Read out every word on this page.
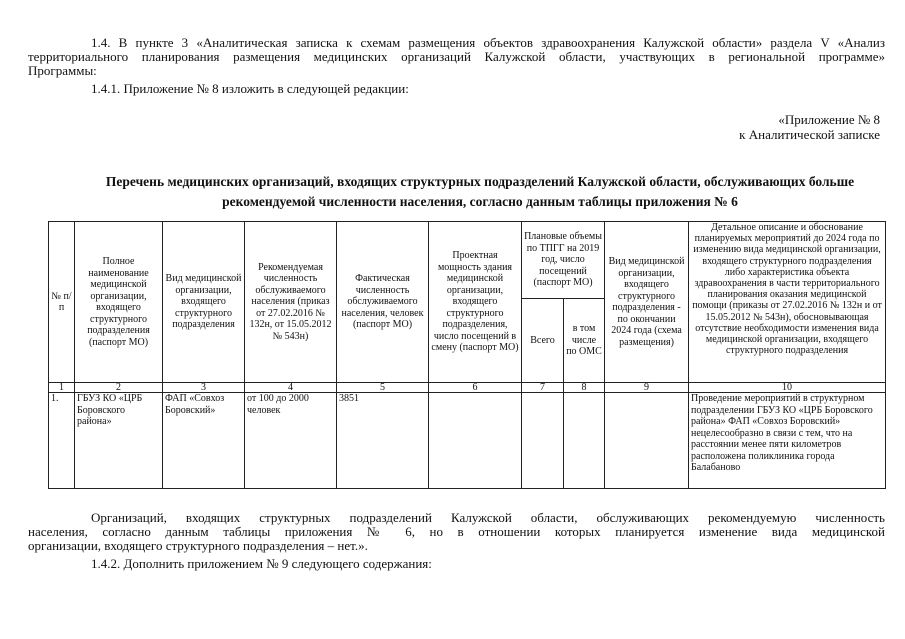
1.4. В пункте 3 «Аналитическая записка к схемам размещения объектов здравоохранения Калужской области» раздела V «Анализ
территориального планирования размещения медицинских организаций Калужской области, участвующих в региональной программе»
Программы:
1.4.1. Приложение № 8 изложить в следующей редакции:
«Приложение № 8
к Аналитической записке
Перечень медицинских организаций, входящих структурных подразделений Калужской области, обслуживающих больше
рекомендуемой численности населения, согласно данным таблицы приложения № 6
№ п/п	Полное наименование медицинской организации, входящего структурного подразделения (паспорт МО)	Вид медицинской организации, входящего структурного подразделения	Рекомендуемая численность обслуживаемого населения (приказ от 27.02.2016 № 132н, от 15.05.2012 № 543н)	Фактическая численность обслуживаемого населения, человек (паспорт МО)	Проектная мощность здания медицинской организации, входящего структурного подразделения, число посещений в смену (паспорт МО)	Плановые объемы по ТПГГ на 2019 год, число посещений (паспорт МО)		Вид медицинской организации, входящего структурного подразделения - по окончании 2024 года (схема размещения)	Детальное описание и обоснование планируемых мероприятий до 2024 года по изменению вида медицинской организации, входящего структурного подразделения либо характеристика объекта здравоохранения в части территориального планирования оказания медицинской помощи (приказы от 27.02.2016 № 132н и от 15.05.2012 № 543н), обосновывающая отсутствие необходимости изменения вида медицинской организации, входящего структурного подразделения
						Всего	в том числе по ОМС		
1	2	3	4	5	6	7	8	9	10
1.	ГБУЗ КО «ЦРБ Боровского района»	ФАП «Совхоз Боровский»	от 100 до 2000 человек	3851					Проведение мероприятий в структурном подразделении ГБУЗ КО «ЦРБ Боровского района» ФАП «Совхоз Боровский» нецелесообразно в связи с тем, что на расстоянии менее пяти километров расположена поликлиника города Балабаново
Организаций, входящих структурных подразделений Калужской области, обслуживающих рекомендуемую численность
населения, согласно данным таблицы приложения № 6, но в отношении которых планируется изменение вида медицинской
организации, входящего структурного подразделения – нет.».
1.4.2. Дополнить приложением № 9 следующего содержания:
